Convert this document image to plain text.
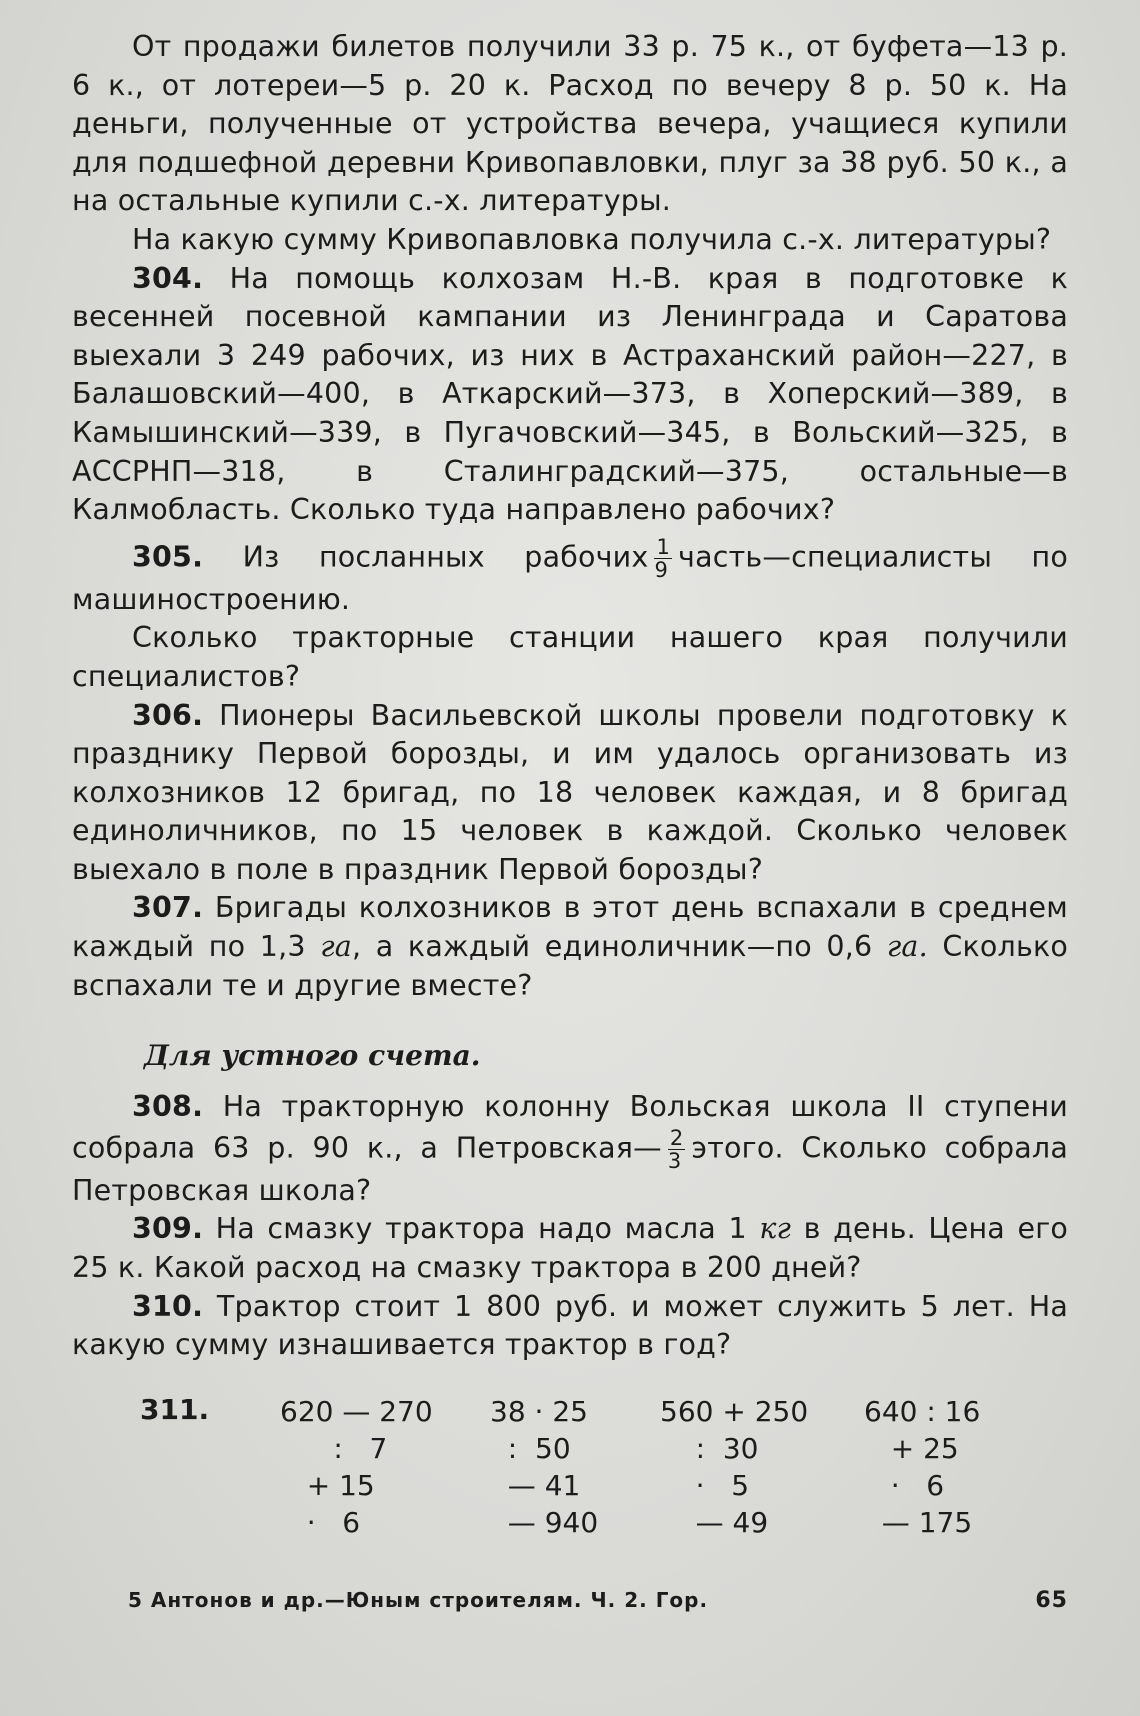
От продажи билетов получили 33 р. 75 к., от буфета—13 р. 6 к., от лотереи—5 р. 20 к. Расход по вечеру 8 р. 50 к. На деньги, полученные от устройства вечера, учащиеся купили для подшефной деревни Кривопавловки, плуг за 38 руб. 50 к., а на остальные купили с.-х. литературы.

На какую сумму Кривопавловка получила с.-х. литературы?

304. На помощь колхозам Н.-В. края в подготовке к весенней посевной кампании из Ленинграда и Саратова выехали 3 249 рабочих, из них в Астраханский район—227, в Балашовский—400, в Аткарский—373, в Хоперский—389, в Камышинский—339, в Пугачовский—345, в Вольский—325, в АССРНП—318, в Сталинградский—375, остальные—в Калмобласть. Сколько туда направлено рабочих?

305. Из посланных рабочих $\frac{1}{9}$ часть—специалисты по машиностроению.

Сколько тракторные станции нашего края получили специалистов?

306. Пионеры Васильевской школы провели подготовку к празднику Первой борозды, и им удалось организовать из колхозников 12 бригад, по 18 человек каждая, и 8 бригад единоличников, по 15 человек в каждой. Сколько человек выехало в поле в праздник Первой борозды?

307. Бригады колхозников в этот день вспахали в среднем каждый по 1,3 га, а каждый единоличник—по 0,6 га. Сколько вспахали те и другие вместе?

Для устного счета.

308. На тракторную колонну Вольская школа II ступени собрала 63 р. 90 к., а Петровская— $\frac{2}{3}$ этого. Сколько собрала Петровская школа?

309. На смазку трактора надо масла 1 кг в день. Цена его 25 к. Какой расход на смазку трактора в 200 дней?

310. Трактор стоит 1 800 руб. и может служить 5 лет. На какую сумму изнашивается трактор в год?

311.	620 — 270
:   7
+ 15
·   6
38 · 25
:  50
— 41
— 940
560 + 250
:  30
·   5
— 49
640 : 16
+ 25
·   6
— 175
5 Антонов и др.—Юным строителям. Ч. 2. Гор.	65
